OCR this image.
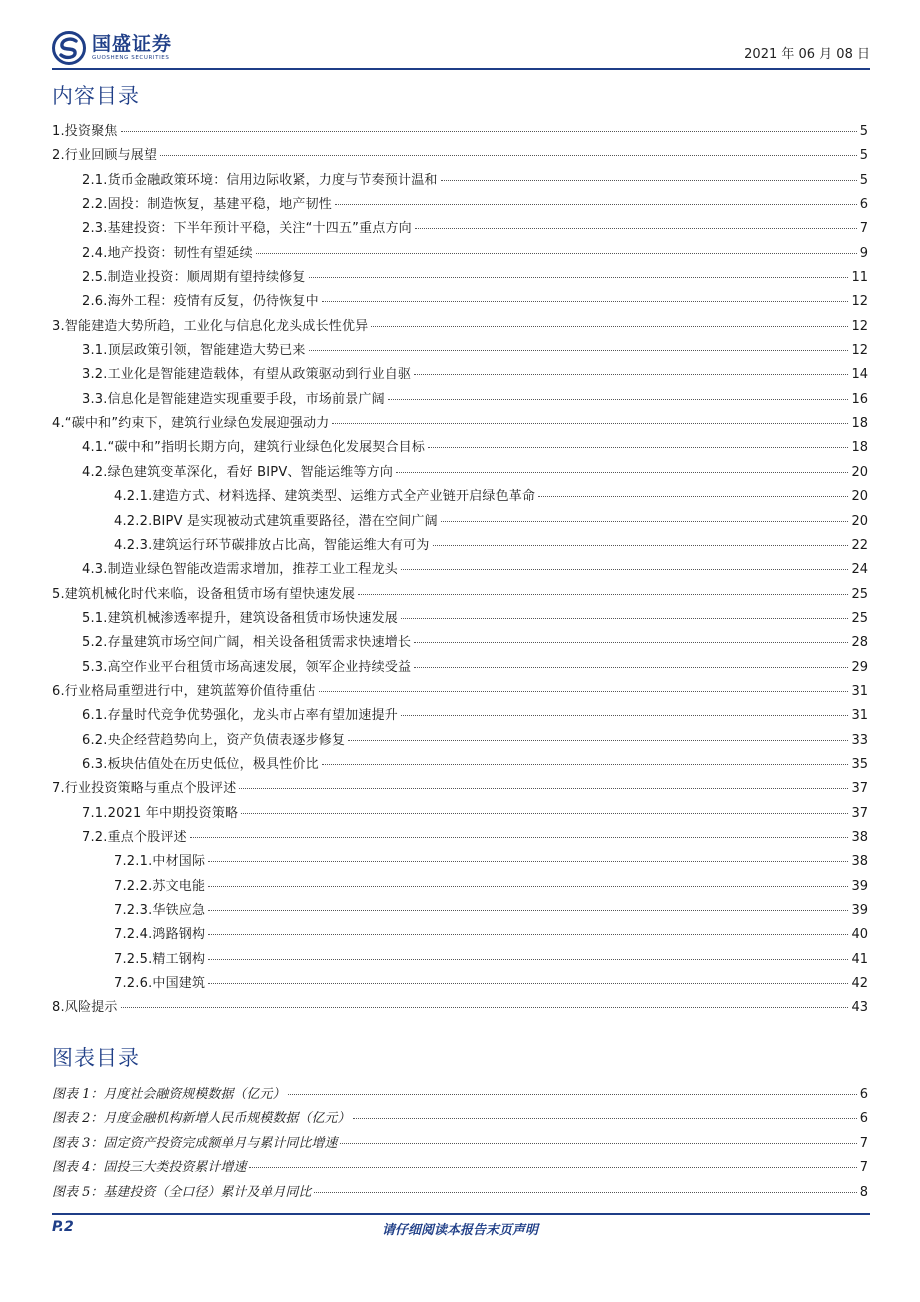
国盛证券
GUOSHENG SECURITIES	2021 年 06 月 08 日
内容目录
1.投资聚焦	5
2.行业回顾与展望	5
2.1.货币金融政策环境：信用边际收紧，力度与节奏预计温和	5
2.2.固投：制造恢复，基建平稳，地产韧性	6
2.3.基建投资：下半年预计平稳，关注“十四五”重点方向	7
2.4.地产投资：韧性有望延续	9
2.5.制造业投资：顺周期有望持续修复	11
2.6.海外工程：疫情有反复，仍待恢复中	12
3.智能建造大势所趋，工业化与信息化龙头成长性优异	12
3.1.顶层政策引领，智能建造大势已来	12
3.2.工业化是智能建造载体，有望从政策驱动到行业自驱	14
3.3.信息化是智能建造实现重要手段，市场前景广阔	16
4.“碳中和”约束下，建筑行业绿色发展迎强动力	18
4.1.“碳中和”指明长期方向，建筑行业绿色化发展契合目标	18
4.2.绿色建筑变革深化，看好 BIPV、智能运维等方向	20
4.2.1.建造方式、材料选择、建筑类型、运维方式全产业链开启绿色革命	20
4.2.2.BIPV 是实现被动式建筑重要路径，潜在空间广阔	20
4.2.3.建筑运行环节碳排放占比高，智能运维大有可为	22
4.3.制造业绿色智能改造需求增加，推荐工业工程龙头	24
5.建筑机械化时代来临，设备租赁市场有望快速发展	25
5.1.建筑机械渗透率提升，建筑设备租赁市场快速发展	25
5.2.存量建筑市场空间广阔，相关设备租赁需求快速增长	28
5.3.高空作业平台租赁市场高速发展，领军企业持续受益	29
6.行业格局重塑进行中，建筑蓝筹价值待重估	31
6.1.存量时代竞争优势强化，龙头市占率有望加速提升	31
6.2.央企经营趋势向上，资产负债表逐步修复	33
6.3.板块估值处在历史低位，极具性价比	35
7.行业投资策略与重点个股评述	37
7.1.2021 年中期投资策略	37
7.2.重点个股评述	38
7.2.1.中材国际	38
7.2.2.苏文电能	39
7.2.3.华铁应急	39
7.2.4.鸿路钢构	40
7.2.5.精工钢构	41
7.2.6.中国建筑	42
8.风险提示	43
图表目录
图表 1：月度社会融资规模数据（亿元）	6
图表 2：月度金融机构新增人民币规模数据（亿元）	6
图表 3：固定资产投资完成额单月与累计同比增速	7
图表 4：固投三大类投资累计增速	7
图表 5：基建投资（全口径）累计及单月同比	8
P.2	请仔细阅读本报告末页声明
